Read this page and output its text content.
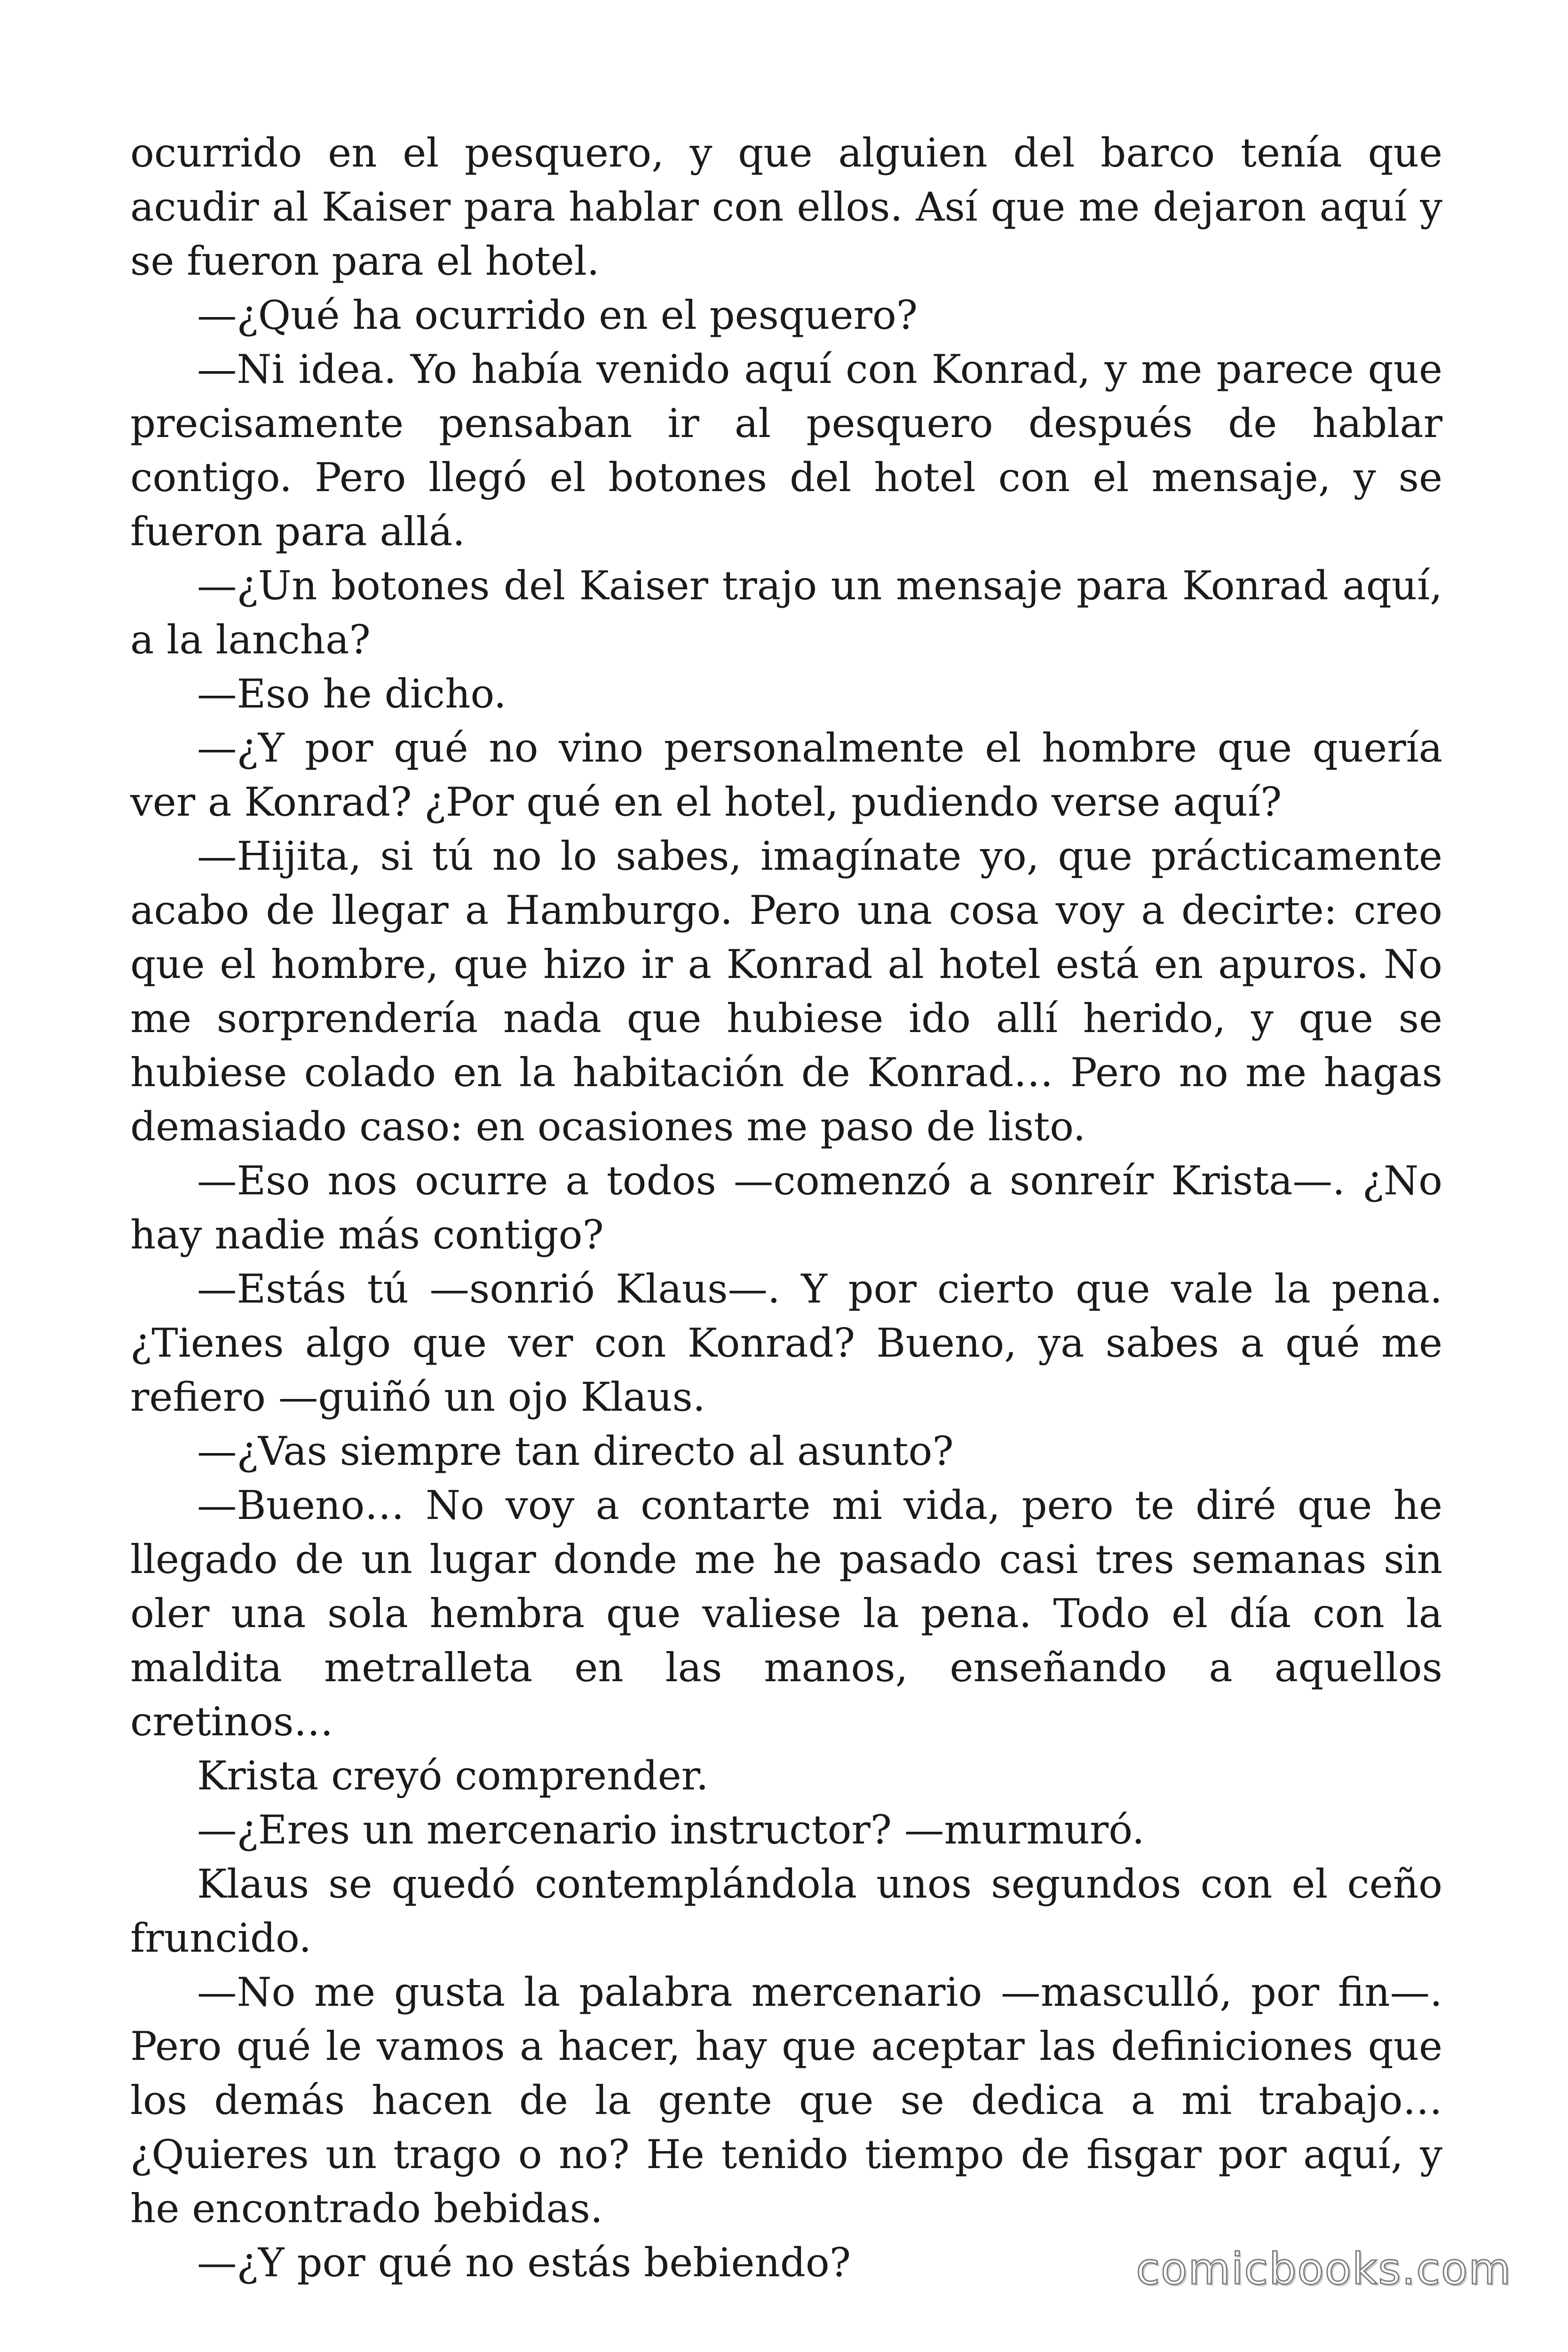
ocurrido en el pesquero, y que alguien del barco tenía que acudir al Kaiser para hablar con ellos. Así que me dejaron aquí y se fueron para el hotel.

—¿Qué ha ocurrido en el pesquero?

—Ni idea. Yo había venido aquí con Konrad, y me parece que precisamente pensaban ir al pesquero después de hablar contigo. Pero llegó el botones del hotel con el mensaje, y se fueron para allá.

—¿Un botones del Kaiser trajo un mensaje para Konrad aquí, a la lancha?

—Eso he dicho.

—¿Y por qué no vino personalmente el hombre que quería ver a Konrad? ¿Por qué en el hotel, pudiendo verse aquí?

—Hijita, si tú no lo sabes, imagínate yo, que prácticamente acabo de llegar a Hamburgo. Pero una cosa voy a decirte: creo que el hombre, que hizo ir a Konrad al hotel está en apuros. No me sorprendería nada que hubiese ido allí herido, y que se hubiese colado en la habitación de Konrad… Pero no me hagas demasiado caso: en ocasiones me paso de listo.

—Eso nos ocurre a todos —comenzó a sonreír Krista—. ¿No hay nadie más contigo?

—Estás tú —sonrió Klaus—. Y por cierto que vale la pena. ¿Tienes algo que ver con Konrad? Bueno, ya sabes a qué me refiero —guiñó un ojo Klaus.

—¿Vas siempre tan directo al asunto?

—Bueno… No voy a contarte mi vida, pero te diré que he llegado de un lugar donde me he pasado casi tres semanas sin oler una sola hembra que valiese la pena. Todo el día con la maldita metralleta en las manos, enseñando a aquellos cretinos…

Krista creyó comprender.

—¿Eres un mercenario instructor? —murmuró.

Klaus se quedó contemplándola unos segundos con el ceño fruncido.

—No me gusta la palabra mercenario —masculló, por fin—. Pero qué le vamos a hacer, hay que aceptar las definiciones que los demás hacen de la gente que se dedica a mi trabajo… ¿Quieres un trago o no? He tenido tiempo de fisgar por aquí, y he encontrado bebidas.

—¿Y por qué no estás bebiendo?	comicbooks.com
